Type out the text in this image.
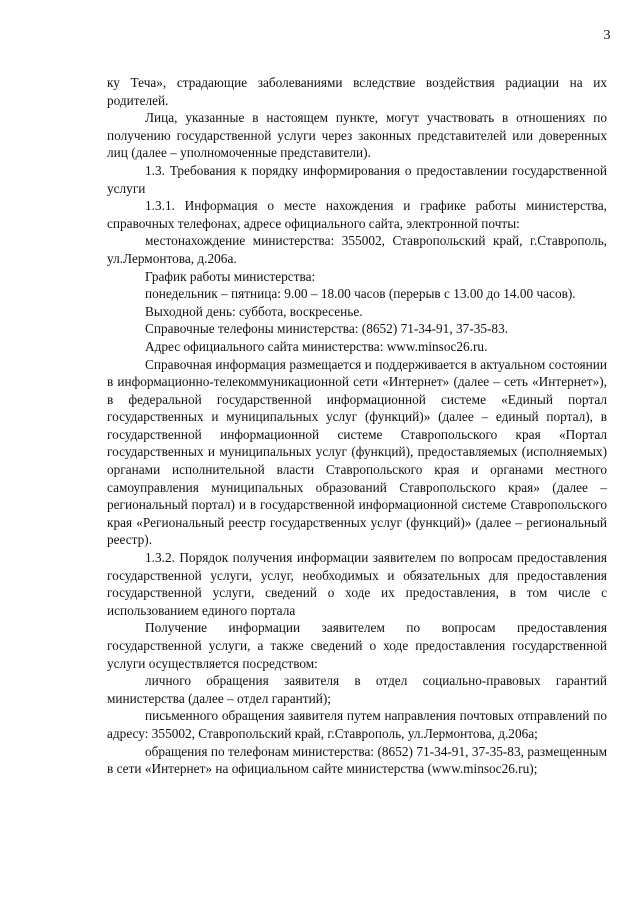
3

ку Теча», страдающие заболеваниями вследствие воздействия радиации на их родителей.

Лица, указанные в настоящем пункте, могут участвовать в отношениях по получению государственной услуги через законных представителей или доверенных лиц (далее – уполномоченные представители).

1.3. Требования к порядку информирования о предоставлении государственной услуги

1.3.1. Информация о месте нахождения и графике работы министерства, справочных телефонах, адресе официального сайта, электронной почты:

местонахождение министерства: 355002, Ставропольский край, г.Ставрополь, ул.Лермонтова, д.206а.

График работы министерства:

понедельник – пятница: 9.00 – 18.00 часов (перерыв с 13.00 до 14.00 часов).

Выходной день: суббота, воскресенье.

Справочные телефоны министерства: (8652) 71-34-91, 37-35-83.

Адрес официального сайта министерства: www.minsoc26.ru.

Справочная информация размещается и поддерживается в актуальном состоянии в информационно-телекоммуникационной сети «Интернет» (далее – сеть «Интернет»), в федеральной государственной информационной системе «Единый портал государственных и муниципальных услуг (функций)» (далее – единый портал), в государственной информационной системе Ставропольского края «Портал государственных и муниципальных услуг (функций), предоставляемых (исполняемых) органами исполнительной власти Ставропольского края и органами местного самоуправления муниципальных образований Ставропольского края» (далее – региональный портал) и в государственной информационной системе Ставропольского края «Региональный реестр государственных услуг (функций)» (далее – региональный реестр).

1.3.2. Порядок получения информации заявителем по вопросам предоставления государственной услуги, услуг, необходимых и обязательных для предоставления государственной услуги, сведений о ходе их предоставления, в том числе с использованием единого портала

Получение информации заявителем по вопросам предоставления государственной услуги, а также сведений о ходе предоставления государственной услуги осуществляется посредством:

личного обращения заявителя в отдел социально-правовых гарантий министерства (далее – отдел гарантий);

письменного обращения заявителя путем направления почтовых отправлений по адресу: 355002, Ставропольский край, г.Ставрополь, ул.Лермонтова, д.206а;

обращения по телефонам министерства: (8652) 71-34-91, 37-35-83, размещенным в сети «Интернет» на официальном сайте министерства (www.minsoc26.ru);
